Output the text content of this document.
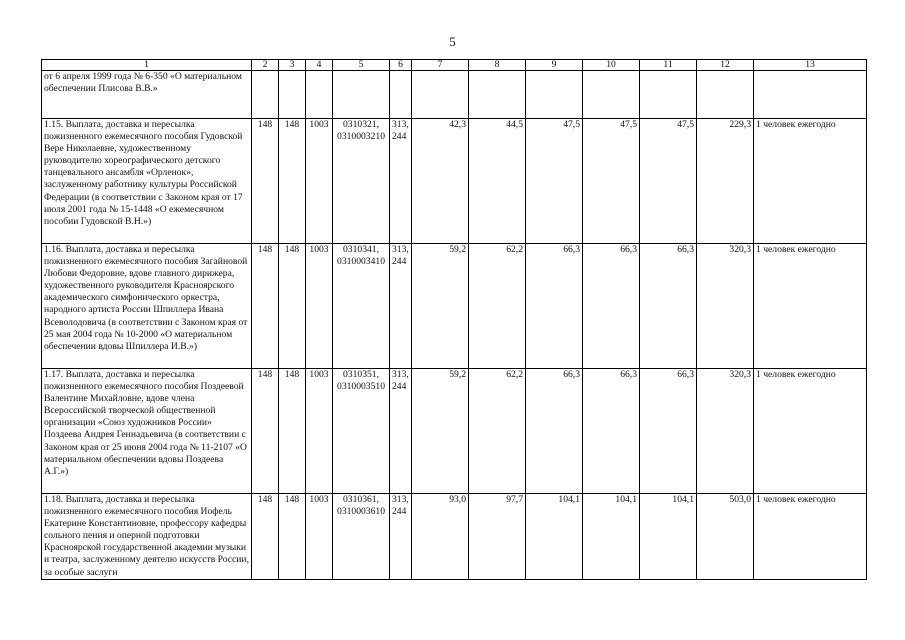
5
1	2	3	4	5	6	7	8	9	10	11	12	13
от 6 апреля 1999 года № 6-350 «О материальном обеспечении Плисова В.В.»												
1.15. Выплата, доставка и пересылка пожизненного ежемесячного пособия Гудовской Вере Николаевне, художественному руководителю хореографического детского танцевального ансамбля «Орленок», заслуженному работнику культуры Российской Федерации (в соответствии с Законом края от 17 июля 2001 года № 15-1448 «О ежемесячном пособии Гудовской В.Н.»)	148	148	1003	0310321, 0310003210	313, 244	42,3	44,5	47,5	47,5	47,5	229,3	1 человек ежегодно
1.16. Выплата, доставка и пересылка пожизненного ежемесячного пособия Загайновой Любови Федоровне, вдове главного дирижера, художественного руководителя Красноярского академического симфонического оркестра, народного артиста России Шпиллера Ивана Всеволодовича (в соответствии с Законом края от 25 мая 2004 года № 10-2000 «О материальном обеспечении вдовы Шпиллера И.В.»)	148	148	1003	0310341, 0310003410	313, 244	59,2	62,2	66,3	66,3	66,3	320,3	1 человек ежегодно
1.17. Выплата, доставка и пересылка пожизненного ежемесячного пособия Поздеевой Валентине Михайловне, вдове члена Всероссийской творческой общественной организации «Союз художников России» Поздеева Андрея Геннадьевича (в соответствии с Законом края от 25 июня 2004 года № 11-2107 «О материальном обеспечении вдовы Поздеева А.Г.»)	148	148	1003	0310351, 0310003510	313, 244	59,2	62,2	66,3	66,3	66,3	320,3	1 человек ежегодно
1.18. Выплата, доставка и пересылка пожизненного ежемесячного пособия Иофель Екатерине Константиновне, профессору кафедры сольного пения и оперной подготовки Красноярской государственной академии музыки и театра, заслуженному деятелю искусств России, за особые заслуги	148	148	1003	0310361, 0310003610	313, 244	93,0	97,7	104,1	104,1	104,1	503,0	1 человек ежегодно
